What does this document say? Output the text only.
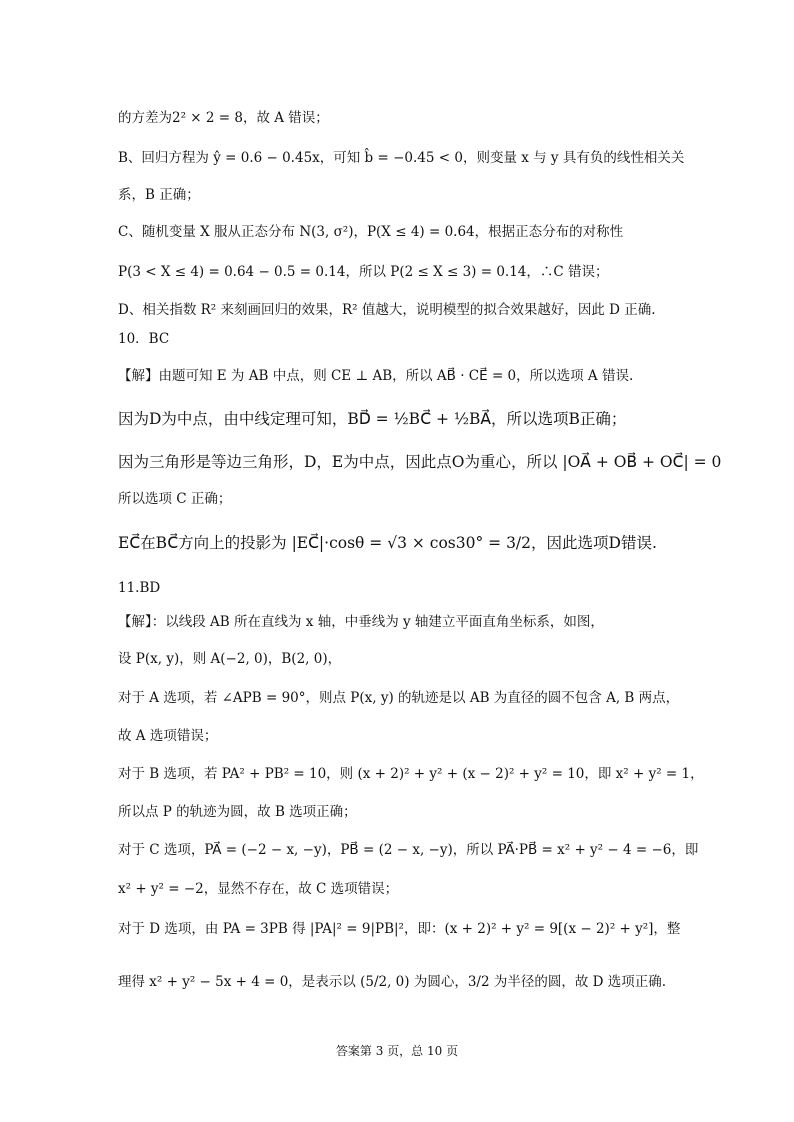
的方差为2² × 2 = 8，故 A 错误；
B、回归方程为 ŷ = 0.6 − 0.45x，可知 b̂ = −0.45 < 0，则变量 x 与 y 具有负的线性相关关
系，B 正确；
C、随机变量 X 服从正态分布 N(3, σ²)，P(X ≤ 4) = 0.64，根据正态分布的对称性
P(3 < X ≤ 4) = 0.64 − 0.5 = 0.14，所以 P(2 ≤ X ≤ 3) = 0.14，∴C 错误；
D、相关指数 R² 来刻画回归的效果，R² 值越大，说明模型的拟合效果越好，因此 D 正确.
10．BC
【解】由题可知 E 为 AB 中点，则 CE ⊥ AB，所以 AB⃗ · CE⃗ = 0，所以选项 A 错误.
因为D为中点，由中线定理可知，BD⃗ = ½BC⃗ + ½BA⃗，所以选项B正确；
因为三角形是等边三角形，D，E为中点，因此点O为重心，所以 |OA⃗ + OB⃗ + OC⃗| = 0
所以选项 C 正确；
EC⃗在BC⃗方向上的投影为 |EC⃗|·cosθ = √3 × cos30° = 3/2，因此选项D错误.
11.BD
【解】：以线段 AB 所在直线为 x 轴，中垂线为 y 轴建立平面直角坐标系，如图，
设 P(x, y)，则 A(−2, 0)，B(2, 0)，
对于 A 选项，若 ∠APB = 90°，则点 P(x, y) 的轨迹是以 AB 为直径的圆不包含 A, B 两点，
故 A 选项错误；
对于 B 选项，若 PA² + PB² = 10，则 (x + 2)² + y² + (x − 2)² + y² = 10，即 x² + y² = 1，
所以点 P 的轨迹为圆，故 B 选项正确；
对于 C 选项，PA⃗ = (−2 − x, −y)，PB⃗ = (2 − x, −y)，所以 PA⃗·PB⃗ = x² + y² − 4 = −6，即
x² + y² = −2，显然不存在，故 C 选项错误；
对于 D 选项，由 PA = 3PB 得 |PA|² = 9|PB|²，即：(x + 2)² + y² = 9[(x − 2)² + y²]，整
理得 x² + y² − 5x + 4 = 0，是表示以 (5/2, 0) 为圆心，3/2 为半径的圆，故 D 选项正确.
答案第 3 页，总 10 页
